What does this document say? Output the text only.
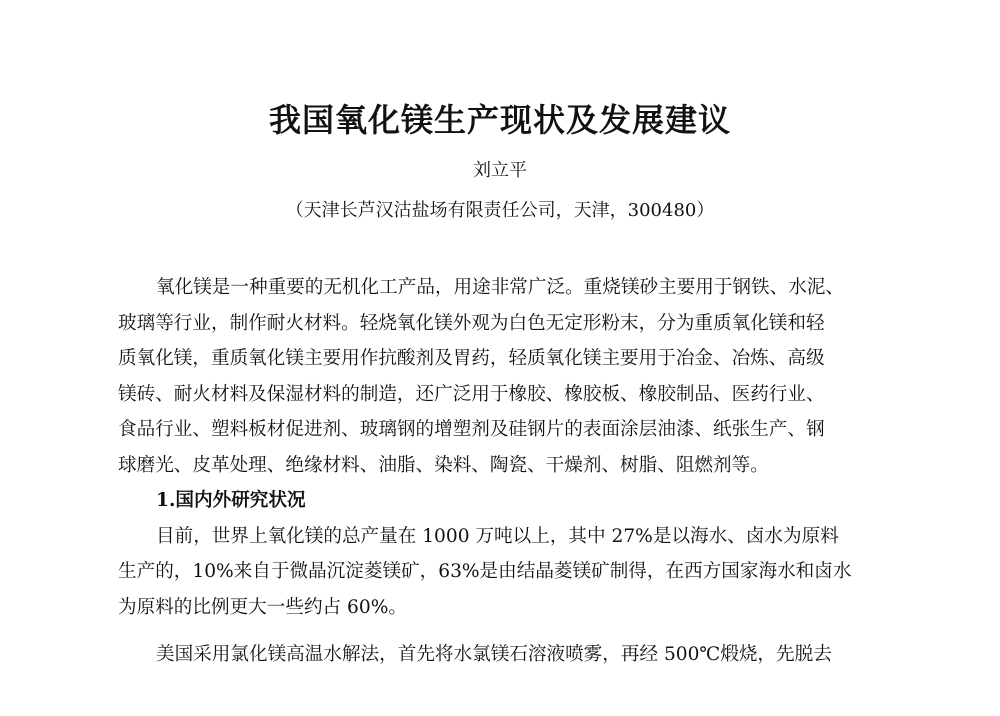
我国氧化镁生产现状及发展建议
刘立平
（天津长芦汉沽盐场有限责任公司，天津，300480）
氧化镁是一种重要的无机化工产品，用途非常广泛。重烧镁砂主要用于钢铁、水泥、
玻璃等行业，制作耐火材料。轻烧氧化镁外观为白色无定形粉末，分为重质氧化镁和轻
质氧化镁，重质氧化镁主要用作抗酸剂及胃药，轻质氧化镁主要用于冶金、冶炼、高级
镁砖、耐火材料及保湿材料的制造，还广泛用于橡胶、橡胶板、橡胶制品、医药行业、
食品行业、塑料板材促进剂、玻璃钢的增塑剂及硅钢片的表面涂层油漆、纸张生产、钢
球磨光、皮革处理、绝缘材料、油脂、染料、陶瓷、干燥剂、树脂、阻燃剂等。
1.国内外研究状况
目前，世界上氧化镁的总产量在 1000 万吨以上，其中 27%是以海水、卤水为原料
生产的，10%来自于微晶沉淀菱镁矿，63%是由结晶菱镁矿制得，在西方国家海水和卤水
为原料的比例更大一些约占 60%。
美国采用氯化镁高温水解法，首先将水氯镁石溶液喷雾，再经 500℃煅烧，先脱去
